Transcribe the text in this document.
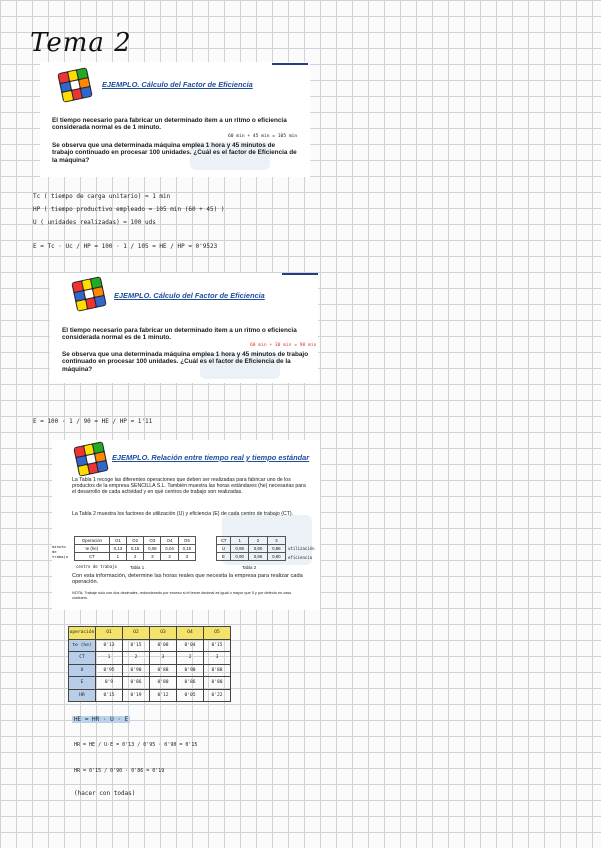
Tema 2
EJEMPLO. Cálculo del Factor de Eficiencia

El tiempo necesario para fabricar un determinado ítem a un ritmo o eficiencia considerada normal es de 1 minuto.

60 min + 45 min = 105 min

Se observa que una determinada máquina emplea 1 hora y 45 minutos de trabajo continuado en procesar 100 unidades. ¿Cuál es el factor de Eficiencia de la máquina?

Tc ( tiempo de carga unitario) = 1 min
HP ( tiempo productivo empleado = 105 min (60 + 45) )
U ( unidades realizadas) = 100 uds
E = Tc · Uc / HP = 100 · 1 / 105 = HE / HP = 0'9523
EJEMPLO. Cálculo del Factor de Eficiencia

El tiempo necesario para fabricar un determinado ítem a un ritmo o eficiencia considerada normal es de 1 minuto.

60 min + 30 min = 90 min

Se observa que una determinada máquina emplea 1 hora y 45 minutos de trabajo continuado en procesar 100 unidades. ¿Cuál es el factor de Eficiencia de la máquina?

E = 100 · 1 / 90 = HE / HP ≈ 1'11
EJEMPLO. Relación entre tiempo real y tiempo estándar

La Tabla 1 recoge las diferentes operaciones que deben ser realizadas para fabricar uno de los productos de la empresa SENCILLA S.L. También muestra las horas estándares (he) necesarias para el desarrollo de cada actividad y en qué centros de trabajo son realizadas.

La Tabla 2 muestra los factores de utilización (U) y eficiencia (E) de cada centro de trabajo (CT).

minuto de trabajo
Operación	O1	O2	O3	O4	O5
te (he)	0,13	0,15	0,08	0,04	0,15
CT	1	2	3	2	3
centro de trabajo	Tabla 1
CT	1	2	3
U	0,95	0,90	0,88
E	0,90	0,86	0,80
utilización
eficiencia
Tabla 2

Con esta información, determine las horas reales que necesita la empresa para realizar cada operación.

NOTA: Trabaje solo con dos decimales, redondeando por exceso si el tercer decimal es igual o mayor que 5 y por defecto en caso contrario.

operación	O1	O2	O3	O4	O5
te (he)	0'13	0'15	0'08	0'04	0'15
CT	1	2	3	2	3
U	0'95	0'90	0'88	0'90	0'88
E	0'9	0'86	0'80	0'86	0'80
HR	0'15	0'19	0'12	0'05	0'22
HE = HR · U · E
HR = HE / U·E = 0'13 / 0'95 · 0'90 = 0'15
HR = 0'15 / 0'90 · 0'86 = 0'19
(hacer con todas)
